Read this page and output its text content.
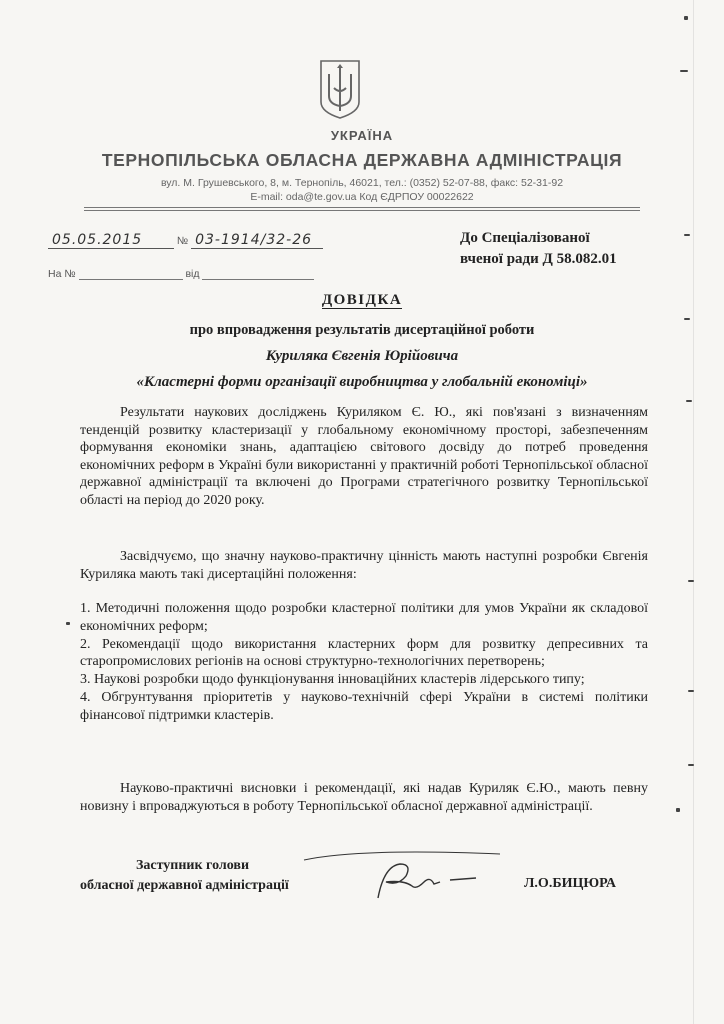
УКРАЇНА
ТЕРНОПІЛЬСЬКА ОБЛАСНА ДЕРЖАВНА АДМІНІСТРАЦІЯ
вул. М. Грушевського, 8, м. Тернопіль, 46021, тел.: (0352) 52-07-88, факс: 52-31-92
E-mail: oda@te.gov.ua Код ЄДРПОУ 00022622
05.05.2015	№ 03-1914/32-26
На №	від
До Спеціалізованої
вченої ради Д 58.082.01
ДОВІДКА
про впровадження результатів дисертаційної роботи
Куриляка Євгенія Юрійовича
«Кластерні форми організації виробництва у глобальній економіці»
Результати наукових досліджень Куриляком Є. Ю., які пов'язані з визначенням тенденцій розвитку кластеризації у глобальному економічному просторі, забезпеченням формування економіки знань, адаптацією світового досвіду до потреб проведення економічних реформ в Україні були використанні у практичній роботі Тернопільської обласної державної адміністрації та включені до Програми стратегічного розвитку Тернопільської області на період до 2020 року.
Засвідчуємо, що значну науково-практичну цінність мають наступні розробки Євгенія Куриляка мають такі дисертаційні положення:

1. Методичні положення щодо розробки кластерної політики для умов України як складової економічних реформ;

2. Рекомендації щодо використання кластерних форм для розвитку депресивних та старопромислових регіонів на основі структурно-технологічних перетворень;

3. Наукові розробки щодо функціонування інноваційних кластерів лідерського типу;

4. Обгрунтування пріоритетів у науково-технічній сфері України в системі політики фінансової підтримки кластерів.

Науково-практичні висновки і рекомендації, які надав Куриляк Є.Ю., мають певну новизну і впроваджуються в роботу Тернопільської обласної державної адміністрації.
Заступник голови
обласної державної адміністрації	Л.О.БИЦЮРА
